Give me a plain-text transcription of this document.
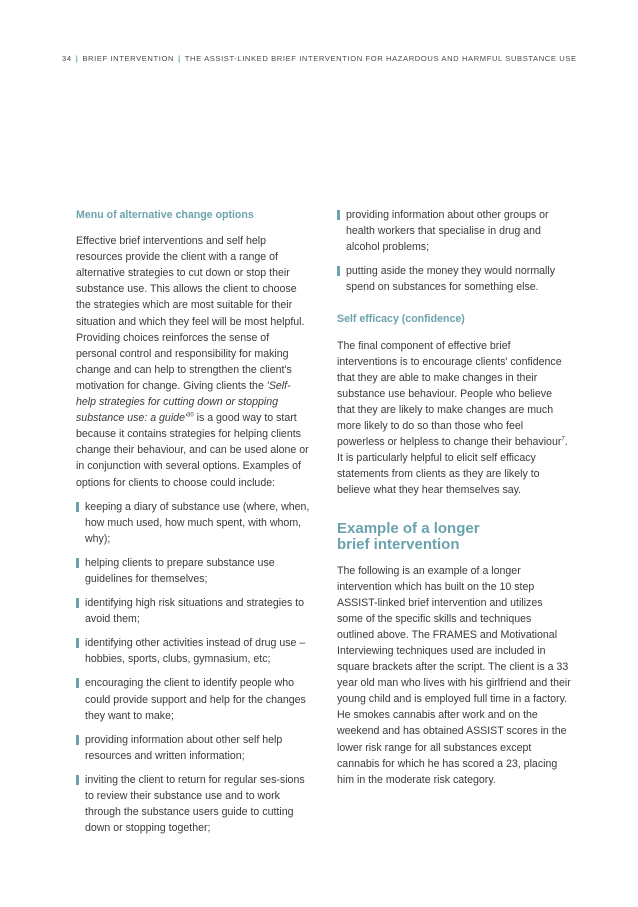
34 | BRIEF INTERVENTION | THE ASSIST-LINKED BRIEF INTERVENTION FOR HAZARDOUS AND HARMFUL SUBSTANCE USE
Menu of alternative change options

Effective brief interventions and self help resources provide the client with a range of alternative strategies to cut down or stop their substance use. This allows the client to choose the strategies which are most suitable for their situation and which they feel will be most helpful. Providing choices reinforces the sense of personal control and responsibility for making change and can help to strengthen the client's motivation for change. Giving clients the 'Self-help strategies for cutting down or stopping substance use: a $guide'^{30}$ is a good way to start because it contains strategies for helping clients change their behaviour, and can be used alone or in conjunction with several options. Examples of options for clients to choose could include:

keeping a diary of substance use (where, when, how much used, how much spent, with whom, why);
helping clients to prepare substance use guidelines for themselves;
identifying high risk situations and strategies to avoid them;
identifying other activities instead of drug use – hobbies, sports, clubs, gymnasium, etc;
encouraging the client to identify people who could provide support and help for the changes they want to make;
providing information about other self help resources and written information;
inviting the client to return for regular ses-sions to review their substance use and to work through the substance users guide to cutting down or stopping together;
providing information about other groups or health workers that specialise in drug and alcohol problems;
putting aside the money they would normally spend on substances for something else.
Self efficacy (confidence)

The final component of effective brief interventions is to encourage clients' confidence that they are able to make changes in their substance use behaviour. People who believe that they are likely to make changes are much more likely to do so than those who feel powerless or helpless to change their behaviour$^7$. It is particularly helpful to elicit self efficacy statements from clients as they are likely to believe what they hear themselves say.

Example of a longer
brief intervention

The following is an example of a longer intervention which has built on the 10 step ASSIST-linked brief intervention and utilizes some of the specific skills and techniques outlined above. The FRAMES and Motivational Interviewing techniques used are included in square brackets after the script. The client is a 33 year old man who lives with his girlfriend and their young child and is employed full time in a factory. He smokes cannabis after work and on the weekend and has obtained ASSIST scores in the lower risk range for all substances except cannabis for which he has scored a 23, placing him in the moderate risk category.
